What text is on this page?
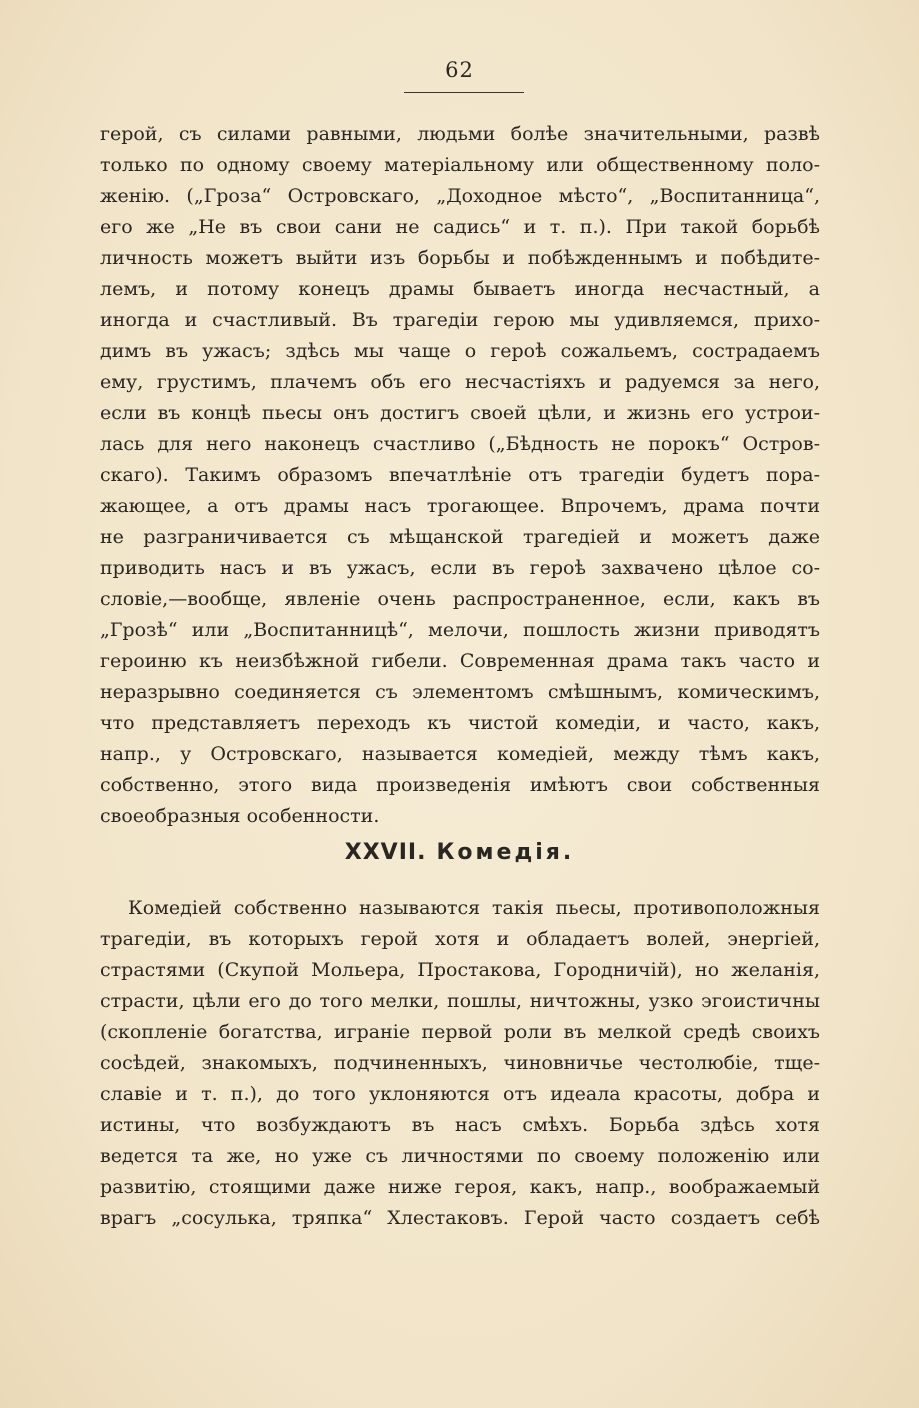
62
герой, съ силами равными, людьми болѣе значительными, развѣ
только по одному своему матеріальному или общественному поло-
женію. („Гроза“ Островскаго, „Доходное мѣсто“, „Воспитанница“,
его же „Не въ свои сани не садись“ и т. п.). При такой борьбѣ
личность можетъ выйти изъ борьбы и побѣжденнымъ и побѣдите-
лемъ, и потому конецъ драмы бываетъ иногда несчастный, а
иногда и счастливый. Въ трагедіи герою мы удивляемся, прихо-
димъ въ ужасъ; здѣсь мы чаще о героѣ сожальемъ, сострадаемъ
ему, грустимъ, плачемъ объ его несчастіяхъ и радуемся за него,
если въ концѣ пьесы онъ достигъ своей цѣли, и жизнь его устрои-
лась для него наконецъ счастливо („Бѣдность не порокъ“ Остров-
скаго). Такимъ образомъ впечатлѣніе отъ трагедіи будетъ пора-
жающее, а отъ драмы насъ трогающее. Впрочемъ, драма почти
не разграничивается съ мѣщанской трагедіей и можетъ даже
приводить насъ и въ ужасъ, если въ героѣ захвачено цѣлое со-
словіе,—вообще, явленіе очень распространенное, если, какъ въ
„Грозѣ“ или „Воспитанницѣ“, мелочи, пошлость жизни приводятъ
героиню къ неизбѣжной гибели. Современная драма такъ часто и
неразрывно соединяется съ элементомъ смѣшнымъ, комическимъ,
что представляетъ переходъ къ чистой комедіи, и часто, какъ,
напр., у Островскаго, называется комедіей, между тѣмъ какъ,
собственно, этого вида произведенія имѣютъ свои собственныя
своеобразныя особенности.
XXVII. Комедія.
Комедіей собственно называются такія пьесы, противоположныя
трагедіи, въ которыхъ герой хотя и обладаетъ волей, энергіей,
страстями (Скупой Мольера, Простакова, Городничій), но желанія,
страсти, цѣли его до того мелки, пошлы, ничтожны, узко эгоистичны
(скопленіе богатства, играніе первой роли въ мелкой средѣ своихъ
сосѣдей, знакомыхъ, подчиненныхъ, чиновничье честолюбіе, тще-
славіе и т. п.), до того уклоняются отъ идеала красоты, добра и
истины, что возбуждаютъ въ насъ смѣхъ. Борьба здѣсь хотя
ведется та же, но уже съ личностями по своему положенію или
развитію, стоящими даже ниже героя, какъ, напр., воображаемый
врагъ „сосулька, тряпка“ Хлестаковъ. Герой часто создаетъ себѣ
